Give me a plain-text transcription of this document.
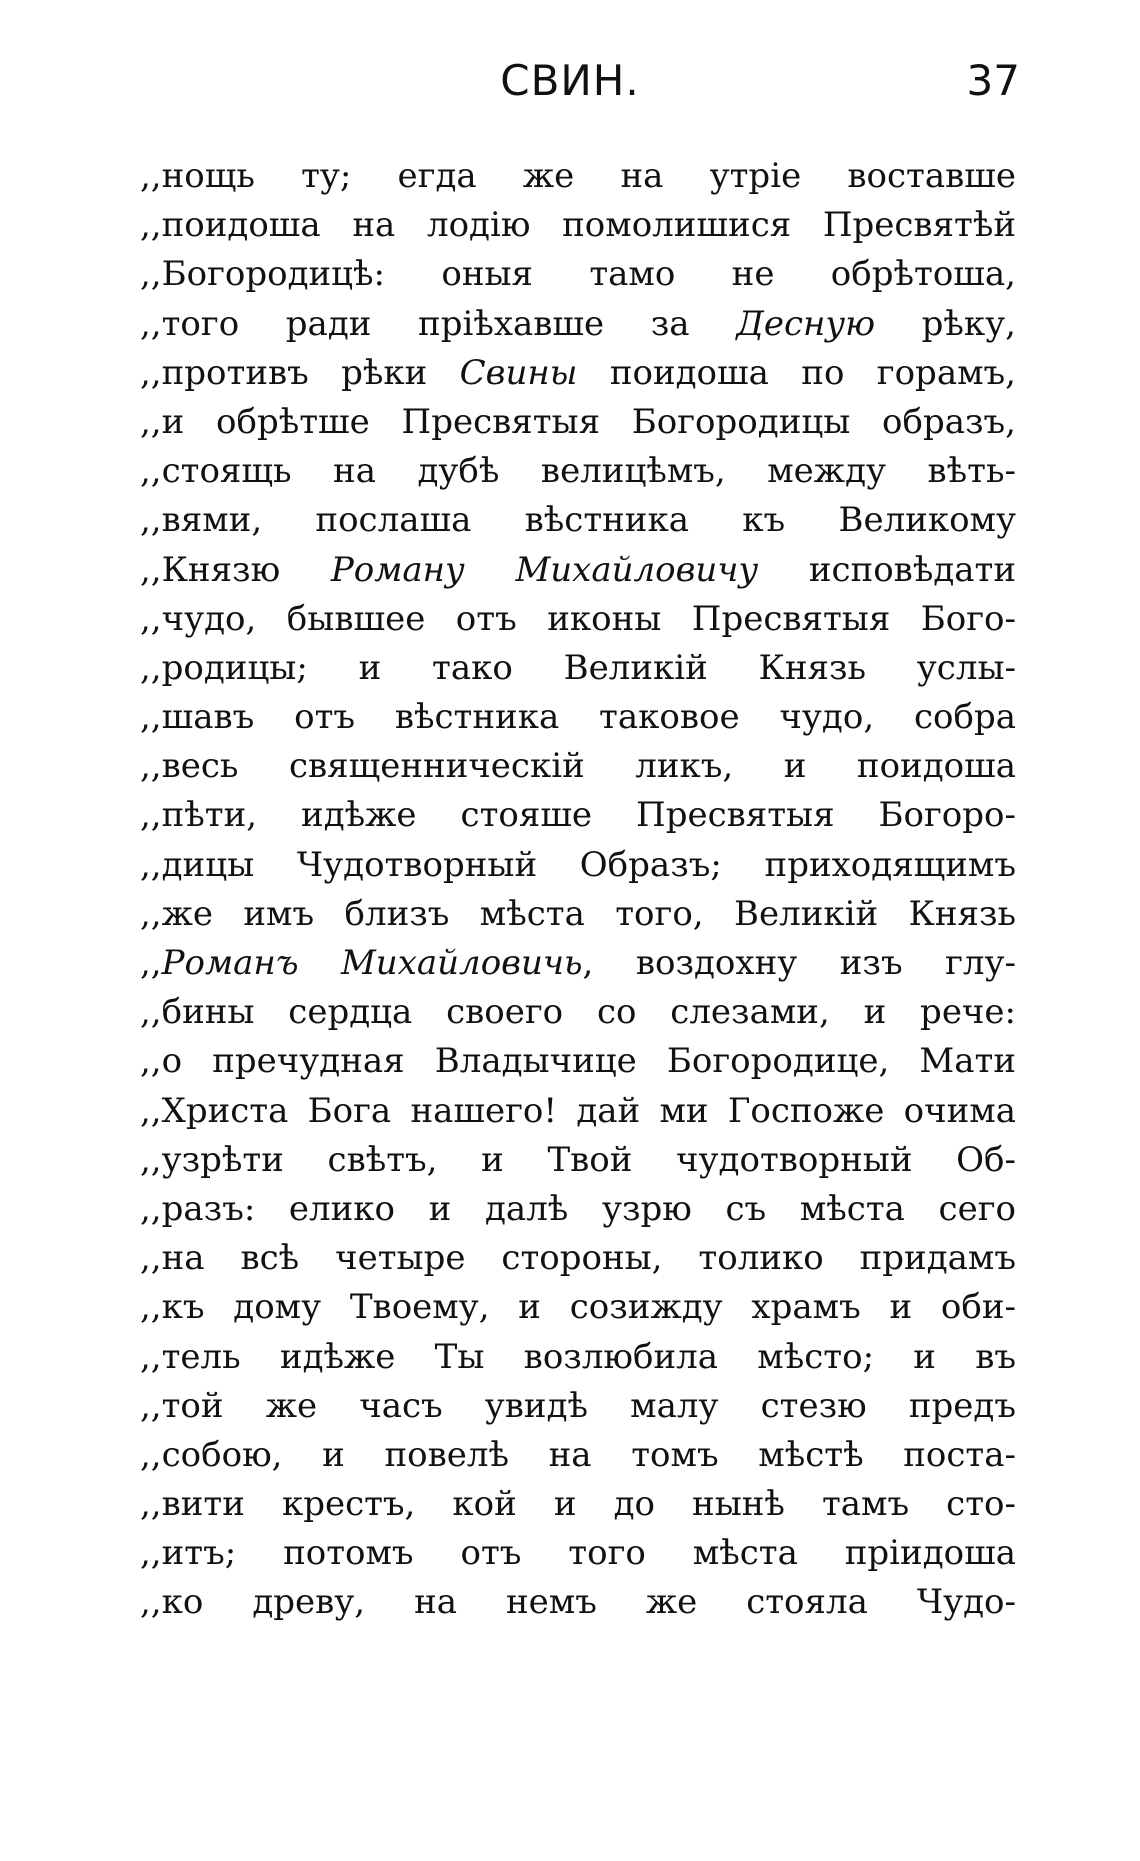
СВИН.	37
,,нощь ту; егда же на утріе воставше
,,поидоша на лодію помолишися Пресвятѣй
,,Богородицѣ: оныя тамо не обрѣтоша,
,,того ради пріѣхавше за Десную рѣку,
,,противъ рѣки Свины поидоша по горамъ,
,,и обрѣтше Пресвятыя Богородицы образъ,
,,стоящь на дубѣ велицѣмъ, между вѣть-
,,вями, послаша вѣстника къ Великому
,,Князю Роману Михайловичу исповѣдати
,,чудо, бывшее отъ иконы Пресвятыя Бого-
,,родицы; и тако Великій Князь услы-
,,шавъ отъ вѣстника таковое чудо, собра
,,весь священническій ликъ, и поидоша
,,пѣти, идѣже стояше Пресвятыя Богоро-
,,дицы Чудотворный Образъ; приходящимъ
,,же имъ близъ мѣста того, Великій Князь
,,Романъ Михайловичь, воздохну изъ глу-
,,бины сердца своего со слезами, и рече:
,,о пречудная Владычице Богородице, Мати
,,Христа Бога нашего! дай ми Госпоже очима
,,узрѣти свѣтъ, и Твой чудотворный Об-
,,разъ: елико и далѣ узрю съ мѣста сего
,,на всѣ четыре стороны, толико придамъ
,,къ дому Твоему, и созижду храмъ и оби-
,,тель идѣже Ты возлюбила мѣсто; и въ
,,той же часъ увидѣ малу стезю предъ
,,собою, и повелѣ на томъ мѣстѣ поста-
,,вити крестъ, кой и до нынѣ тамъ сто-
,,итъ; потомъ отъ того мѣста пріидоша
,,ко древу, на немъ же стояла Чудо-
